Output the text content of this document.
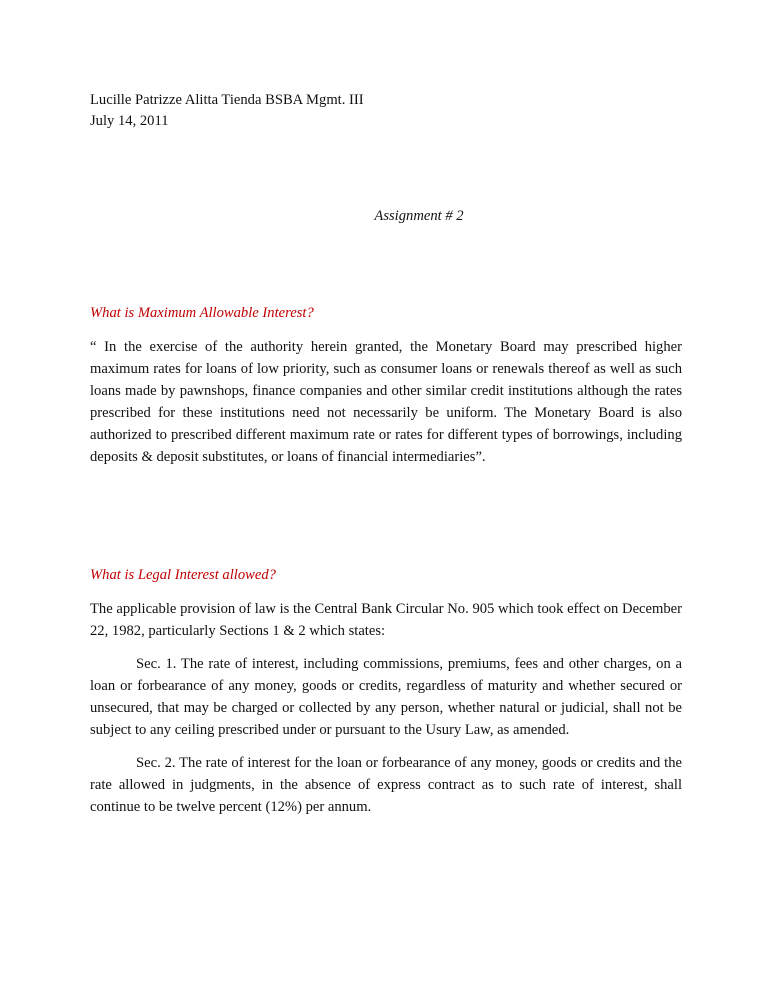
Lucille Patrizze Alitta Tienda BSBA Mgmt. III

July 14, 2011

Assignment # 2

What is Maximum Allowable Interest?

“ In the exercise of the authority herein granted, the Monetary Board may prescribed higher maximum rates for loans of low priority, such as consumer loans or renewals thereof as well as such loans made by pawnshops, finance companies and other similar credit institutions although the rates prescribed for these institutions need not necessarily be uniform. The Monetary Board is also authorized to prescribed different maximum rate or rates for different types of borrowings, including deposits & deposit substitutes, or loans of financial intermediaries”.

What is Legal Interest allowed?

The applicable provision of law is the Central Bank Circular No. 905 which took effect on December 22, 1982, particularly Sections 1 & 2 which states:

Sec. 1. The rate of interest, including commissions, premiums, fees and other charges, on a loan or forbearance of any money, goods or credits, regardless of maturity and whether secured or unsecured, that may be charged or collected by any person, whether natural or judicial, shall not be subject to any ceiling prescribed under or pursuant to the Usury Law, as amended.

Sec. 2. The rate of interest for the loan or forbearance of any money, goods or credits and the rate allowed in judgments, in the absence of express contract as to such rate of interest, shall continue to be twelve percent (12%) per annum.
